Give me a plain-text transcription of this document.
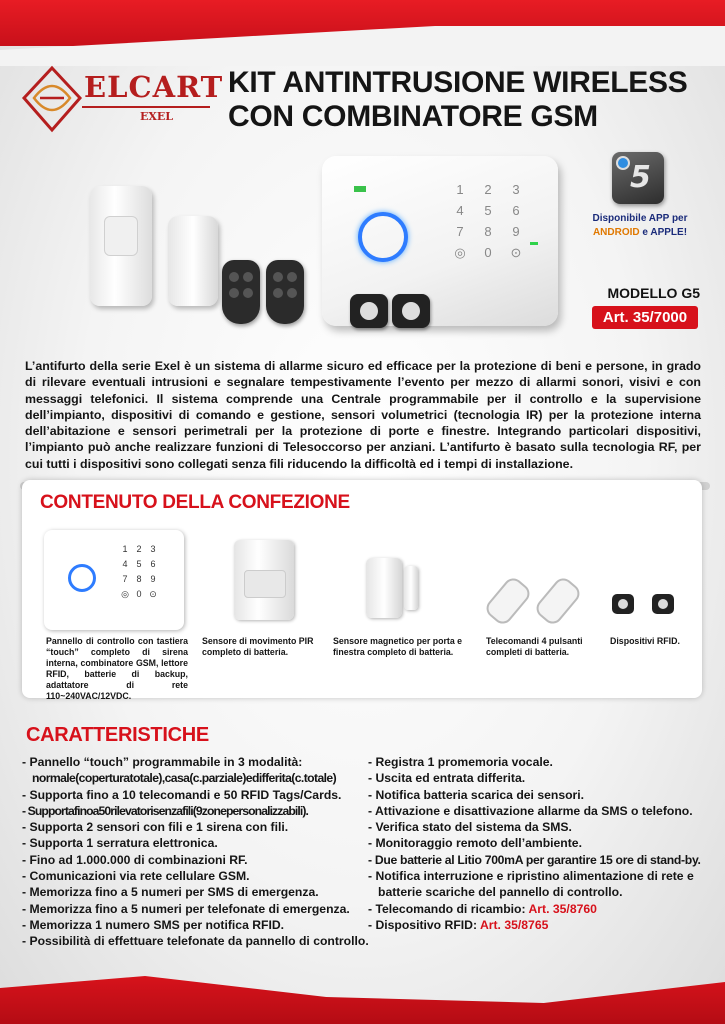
ELCART
EXEL
KIT ANTINTRUSIONE WIRELESS
CON COMBINATORE GSM
1	2	3
4	5	6
7	8	9
◎	0	⊙
5
Disponibile APP per
ANDROID e APPLE!
MODELLO G5
Art. 35/7000
L’antifurto della serie Exel è un sistema di allarme sicuro ed efficace per la protezione di beni e persone, in grado di rilevare eventuali intrusioni e segnalare tempestivamente l’evento per mezzo di allarmi sonori, visivi e con messaggi telefonici. Il sistema comprende una Centrale programmabile per il controllo e la supervisione dell’impianto, dispositivi di comando e gestione, sensori volumetrici (tecnologia IR) per la protezione interna dell’abitazione e sensori perimetrali per la protezione di porte e finestre. Integrando particolari dispositivi, l’impianto può anche realizzare funzioni di Telesoccorso per anziani. L’antifurto è basato sulla tecnologia RF, per cui tutti i dispositivi sono collegati senza fili riducendo la difficoltà ed i tempi di installazione.
CONTENUTO DELLA CONFEZIONE
1 2 3
4 5 6
7 8 9
◎ 0 ⊙
Pannello di controllo con tastiera “touch” completo di sirena interna, combinatore GSM, lettore RFID, batterie di backup, adattatore di rete 110~240VAC/12VDC.
Sensore di movimento PIR completo di batteria.
Sensore magnetico per porta e finestra completo di batteria.
Telecomandi 4 pulsanti completi di batteria.
Dispositivi RFID.
CARATTERISTICHE
- Pannello “touch” programmabile in 3 modalità:
normale(coperturatotale),casa(c.parziale)edifferita(c.totale)
- Supporta fino a 10 telecomandi e 50 RFID Tags/Cards.
- Supportafinoa50rilevatorisenzafili(9zonepersonalizzabili).
- Supporta 2 sensori con fili e 1 sirena con fili.
- Supporta 1 serratura elettronica.
- Fino ad 1.000.000 di combinazioni RF.
- Comunicazioni via rete cellulare GSM.
- Memorizza fino a 5 numeri per SMS di emergenza.
- Memorizza fino a 5 numeri per telefonate di emergenza.
- Memorizza 1 numero SMS per notifica RFID.
- Possibilità di effettuare telefonate da pannello di controllo.
- Registra 1 promemoria vocale.
- Uscita ed entrata differita.
- Notifica batteria scarica dei sensori.
- Attivazione e disattivazione allarme da SMS o telefono.
- Verifica stato del sistema da SMS.
- Monitoraggio remoto dell’ambiente.
- Due batterie al Litio 700mA per garantire 15 ore di stand-by.
- Notifica interruzione e ripristino alimentazione di rete e
batterie scariche del pannello di controllo.
- Telecomando di ricambio: Art. 35/8760
- Dispositivo RFID: Art. 35/8765
